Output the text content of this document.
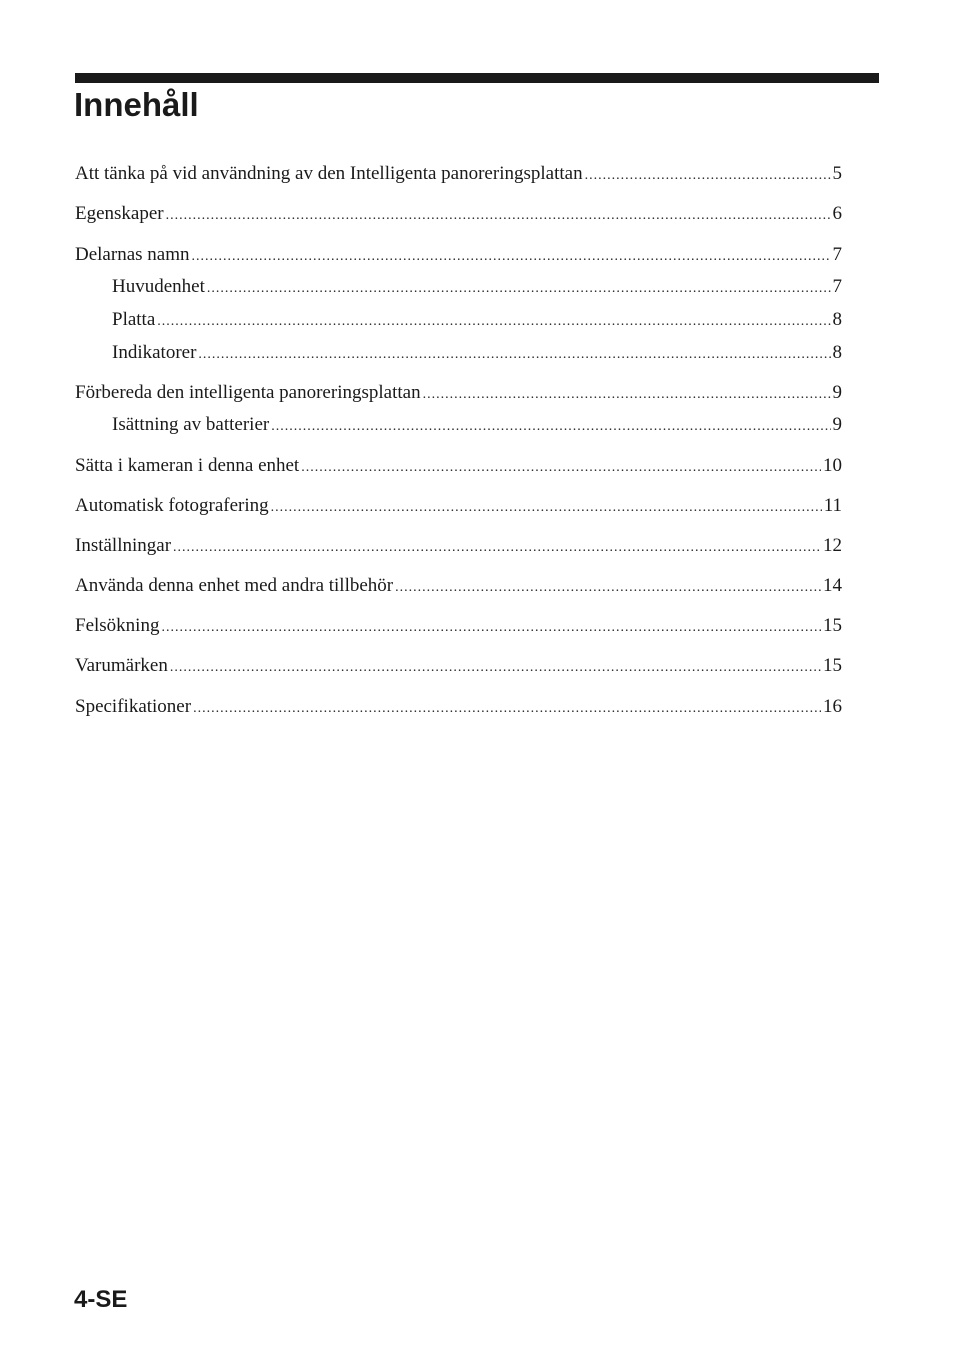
Innehåll
Att tänka på vid användning av den Intelligenta panoreringsplattan .....	5
Egenskaper .....	6
Delarnas namn .....	7
Huvudenhet .....	7
Platta .....	8
Indikatorer .....	8
Förbereda den intelligenta panoreringsplattan .....	9
Isättning av batterier .....	9
Sätta i kameran i denna enhet .....	10
Automatisk fotografering .....	11
Inställningar .....	12
Använda denna enhet med andra tillbehör .....	14
Felsökning .....	15
Varumärken .....	15
Specifikationer .....	16
4-SE
